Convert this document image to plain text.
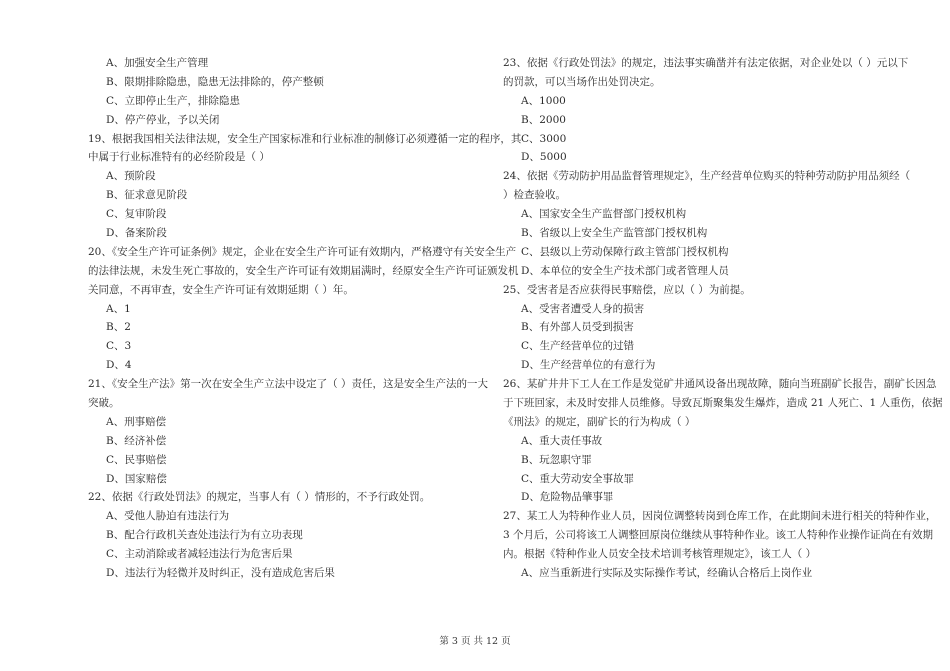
A、加强安全生产管理
B、限期排除隐患，隐患无法排除的，停产整顿
C、立即停止生产，排除隐患
D、停产停业，予以关闭
19、根据我国相关法律法规，安全生产国家标准和行业标准的制修订必须遵循一定的程序，其
中属于行业标准特有的必经阶段是（ ）
A、预阶段
B、征求意见阶段
C、复审阶段
D、备案阶段
20、《安全生产许可证条例》规定，企业在安全生产许可证有效期内，严格遵守有关安全生产
的法律法规，未发生死亡事故的，安全生产许可证有效期届满时，经原安全生产许可证颁发机
关同意，不再审查，安全生产许可证有效期延期（ ）年。
A、1
B、2
C、3
D、4
21、《安全生产法》第一次在安全生产立法中设定了（ ）责任，这是安全生产法的一大
突破。
A、刑事赔偿
B、经济补偿
C、民事赔偿
D、国家赔偿
22、依据《行政处罚法》的规定，当事人有（ ）情形的，不予行政处罚。
A、受他人胁迫有违法行为
B、配合行政机关查处违法行为有立功表现
C、主动消除或者减轻违法行为危害后果
D、违法行为轻微并及时纠正，没有造成危害后果
23、依据《行政处罚法》的规定，违法事实确凿并有法定依据，对企业处以（ ）元以下
的罚款，可以当场作出处罚决定。
A、1000
B、2000
C、3000
D、5000
24、依据《劳动防护用品监督管理规定》，生产经营单位购买的特种劳动防护用品须经（
）检查验收。
A、国家安全生产监督部门授权机构
B、省级以上安全生产监管部门授权机构
C、县级以上劳动保障行政主管部门授权机构
D、本单位的安全生产技术部门或者管理人员
25、受害者是否应获得民事赔偿，应以（ ）为前提。
A、受害者遭受人身的损害
B、有外部人员受到损害
C、生产经营单位的过错
D、生产经营单位的有意行为
26、某矿井井下工人在工作是发觉矿井通风设备出现故障，随向当班副矿长报告，副矿长因急
于下班回家，未及时安排人员维修。导致瓦斯聚集发生爆炸，造成 21 人死亡、1 人重伤，依据
《刑法》的规定，副矿长的行为构成（ ）
A、重大责任事故
B、玩忽职守罪
C、重大劳动安全事故罪
D、危险物品肇事罪
27、某工人为特种作业人员，因岗位调整转岗到仓库工作，在此期间未进行相关的特种作业，
3 个月后，公司将该工人调整回原岗位继续从事特种作业。该工人特种作业操作证尚在有效期
内。根据《特种作业人员安全技术培训考核管理规定》，该工人（ ）
A、应当重新进行实际及实际操作考试，经确认合格后上岗作业
第 3 页 共 12 页
